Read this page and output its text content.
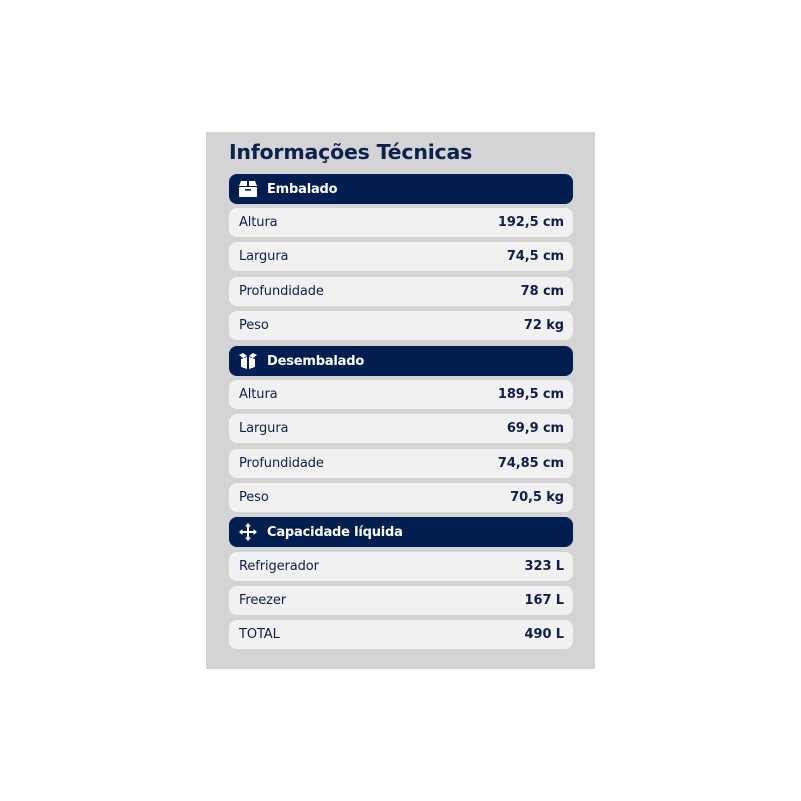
Informações Técnicas
Embalado
Altura	192,5 cm
Largura	74,5 cm
Profundidade	78 cm
Peso	72 kg
Desembalado
Altura	189,5 cm
Largura	69,9 cm
Profundidade	74,85 cm
Peso	70,5 kg
Capacidade líquida
Refrigerador	323 L
Freezer	167 L
TOTAL	490 L
